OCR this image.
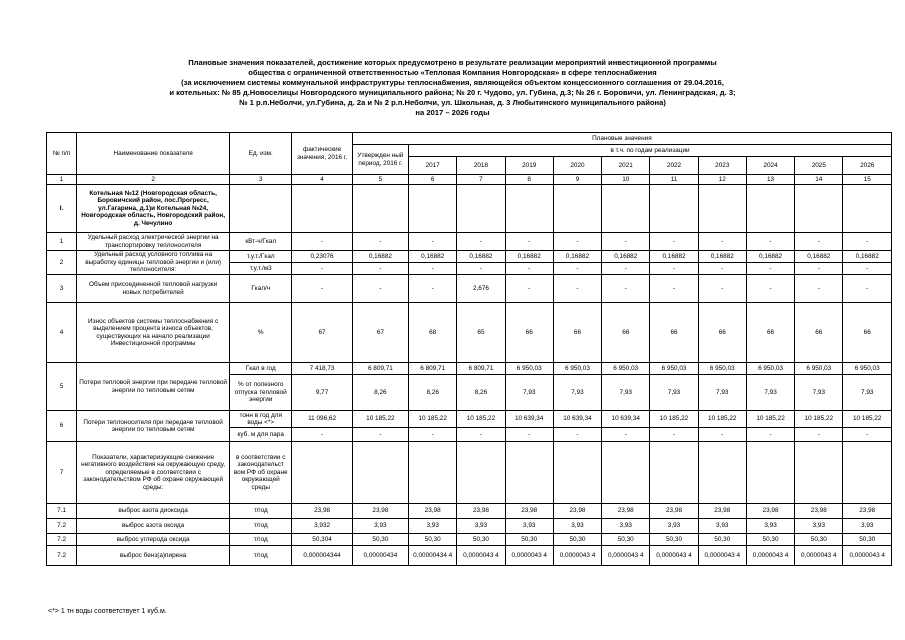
Плановые значения показателей, достижение которых предусмотрено в результате реализации мероприятий инвестиционной программы
общества с ограниченной ответственностью «Тепловая Компания Новгородская» в сфере теплоснабжения
(за исключением системы коммунальной инфраструктуры теплоснабжения, являющейся объектом концессионного соглашения от 29.04.2016,
и котельных: № 85 д.Новоселицы Новгородского муниципального района; № 20 г. Чудово, ул. Губина, д.3; № 26 г. Боровичи, ул. Ленинградская, д. 3;
№ 1 р.п.Неболчи, ул.Губина, д. 2а и № 2 р.п.Неболчи, ул. Школьная, д. 3 Любытинского муниципального района)
на 2017 – 2026 годы
№ п/п	Наименование показателя	Ед. изм.	фактические значения, 2016 г.	Плановые значения										
				Утвержден ный период, 2016 г.	в т.ч. по годам реализации									
					2017	2018	2019	2020	2021	2022	2023	2024	2025	2026
1	2	3	4	5	6	7	8	9	10	11	12	13	14	15
I.	Котельная №12 (Новгородская область, Боровичский район, пос.Прогресс, ул.Гагарина, д.1)и Котельная №24, Новгородская область, Новгородский район, д. Чечулино													
1	Удельный расход электрической энергии на транспортировку теплоносителя	кВт-ч/Гкал	-	-	-	-	-	-	-	-	-	-	-	-
2	Удельный расход условного топлива на выработку единицы тепловой энергии и (или) теплоносителя:	т.у.т./Гкал	0,23076	0,16882	0,16882	0,16882	0,16882	0,16882	0,16882	0,16882	0,16882	0,16882	0,16882	0,16882
		т.у.т./м3	-	-	-	-	-	-	-	-	-	-	-	-
3	Объем присоединенной тепловой нагрузки новых потребителей	Гкал/ч	-	-	-	2,676	-	-	-	-	-	-	-	-
4	Износ объектов системы теплоснабжения с выделением процента износа объектов, существующих на начало реализации Инвестиционной программы	%	67	67	68	65	66	66	66	66	66	66	66	66
5	Потери тепловой энергии при передаче тепловой энергии по тепловым сетям	Гкал в год	7 418,73	6 809,71	6 809,71	6 809,71	6 950,03	6 950,03	6 950,03	6 950,03	6 950,03	6 950,03	6 950,03	6 950,03
		% от полезного отпуска тепловой энергии	9,77	8,26	8,26	8,26	7,93	7,93	7,93	7,93	7,93	7,93	7,93	7,93
6	Потери теплоносителя при передаче тепловой энергии по тепловым сетям	тонн в год для воды <*>	11 096,62	10 185,22	10 185,22	10 185,22	10 639,34	10 639,34	10 639,34	10 185,22	10 185,22	10 185,22	10 185,22	10 185,22
		куб. м для пара	-	-	-	-	-	-	-	-	-	-	-	-
7	Показатели, характеризующие снижение негативного воздействия на окружающую среду, определяемые в соответствии с законодательством РФ об охране окружающей среды:	в соответствии с законодательст вом РФ об охране окружающей среды												
7.1	выброс азота диоксида	т/год	23,98	23,98	23,98	23,98	23,98	23,98	23,98	23,98	23,98	23,98	23,98	23,98
7.2	выброс азота оксида	т/год	3,932	3,93	3,93	3,93	3,93	3,93	3,93	3,93	3,93	3,93	3,93	3,93
7.2	выброс углерода оксида	т/год	50,304	50,30	50,30	50,30	50,30	50,30	50,30	50,30	50,30	50,30	50,30	50,30
7.2	выброс бенз(а)пирена	т/год	0,000004344	0,00000434	0,00000434 4	0,0000043 4	0,0000043 4	0,0000043 4	0,0000043 4	0,0000043 4	0,0000043 4	0,0000043 4	0,0000043 4	0,0000043 4
<*> 1 тн воды соответствует 1 куб.м.
